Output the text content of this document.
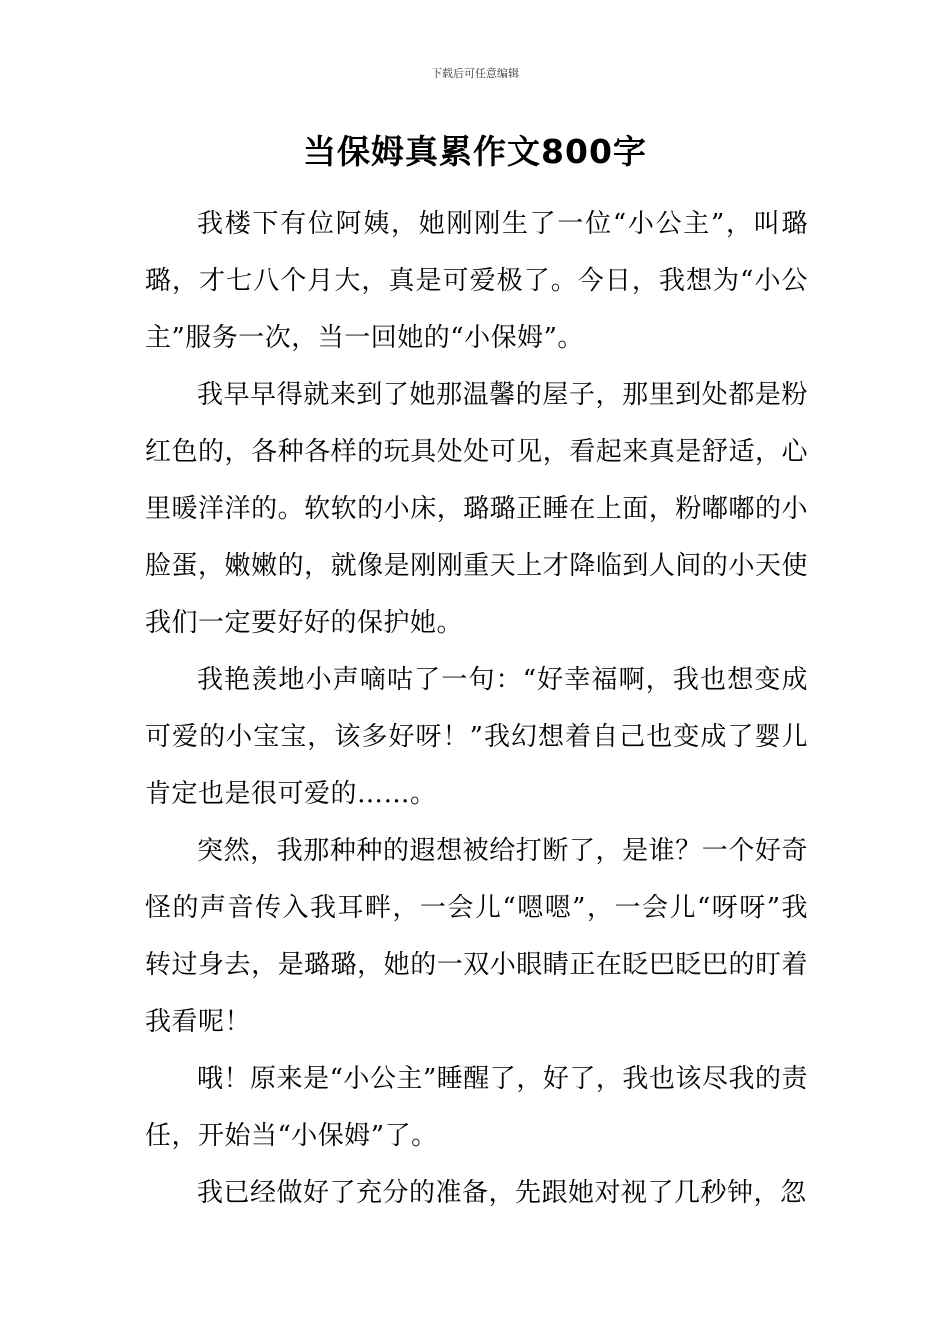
下载后可任意编辑
当保姆真累作文800字

我楼下有位阿姨，她刚刚生了一位“小公主”，叫璐璐，才七八个月大，真是可爱极了。今日，我想为“小公主”服务一次，当一回她的“小保姆”。

我早早得就来到了她那温馨的屋子，那里到处都是粉红色的，各种各样的玩具处处可见，看起来真是舒适，心里暖洋洋的。软软的小床，璐璐正睡在上面，粉嘟嘟的小脸蛋，嫩嫩的，就像是刚刚重天上才降临到人间的小天使我们一定要好好的保护她。

我艳羡地小声嘀咕了一句：“好幸福啊，我也想变成可爱的小宝宝，该多好呀！”我幻想着自己也变成了婴儿肯定也是很可爱的……。

突然，我那种种的遐想被给打断了，是谁？一个好奇怪的声音传入我耳畔，一会儿“嗯嗯”，一会儿“呀呀”我转过身去，是璐璐，她的一双小眼睛正在眨巴眨巴的盯着我看呢！

哦！原来是“小公主”睡醒了，好了，我也该尽我的责任，开始当“小保姆”了。

我已经做好了充分的准备，先跟她对视了几秒钟，忽
